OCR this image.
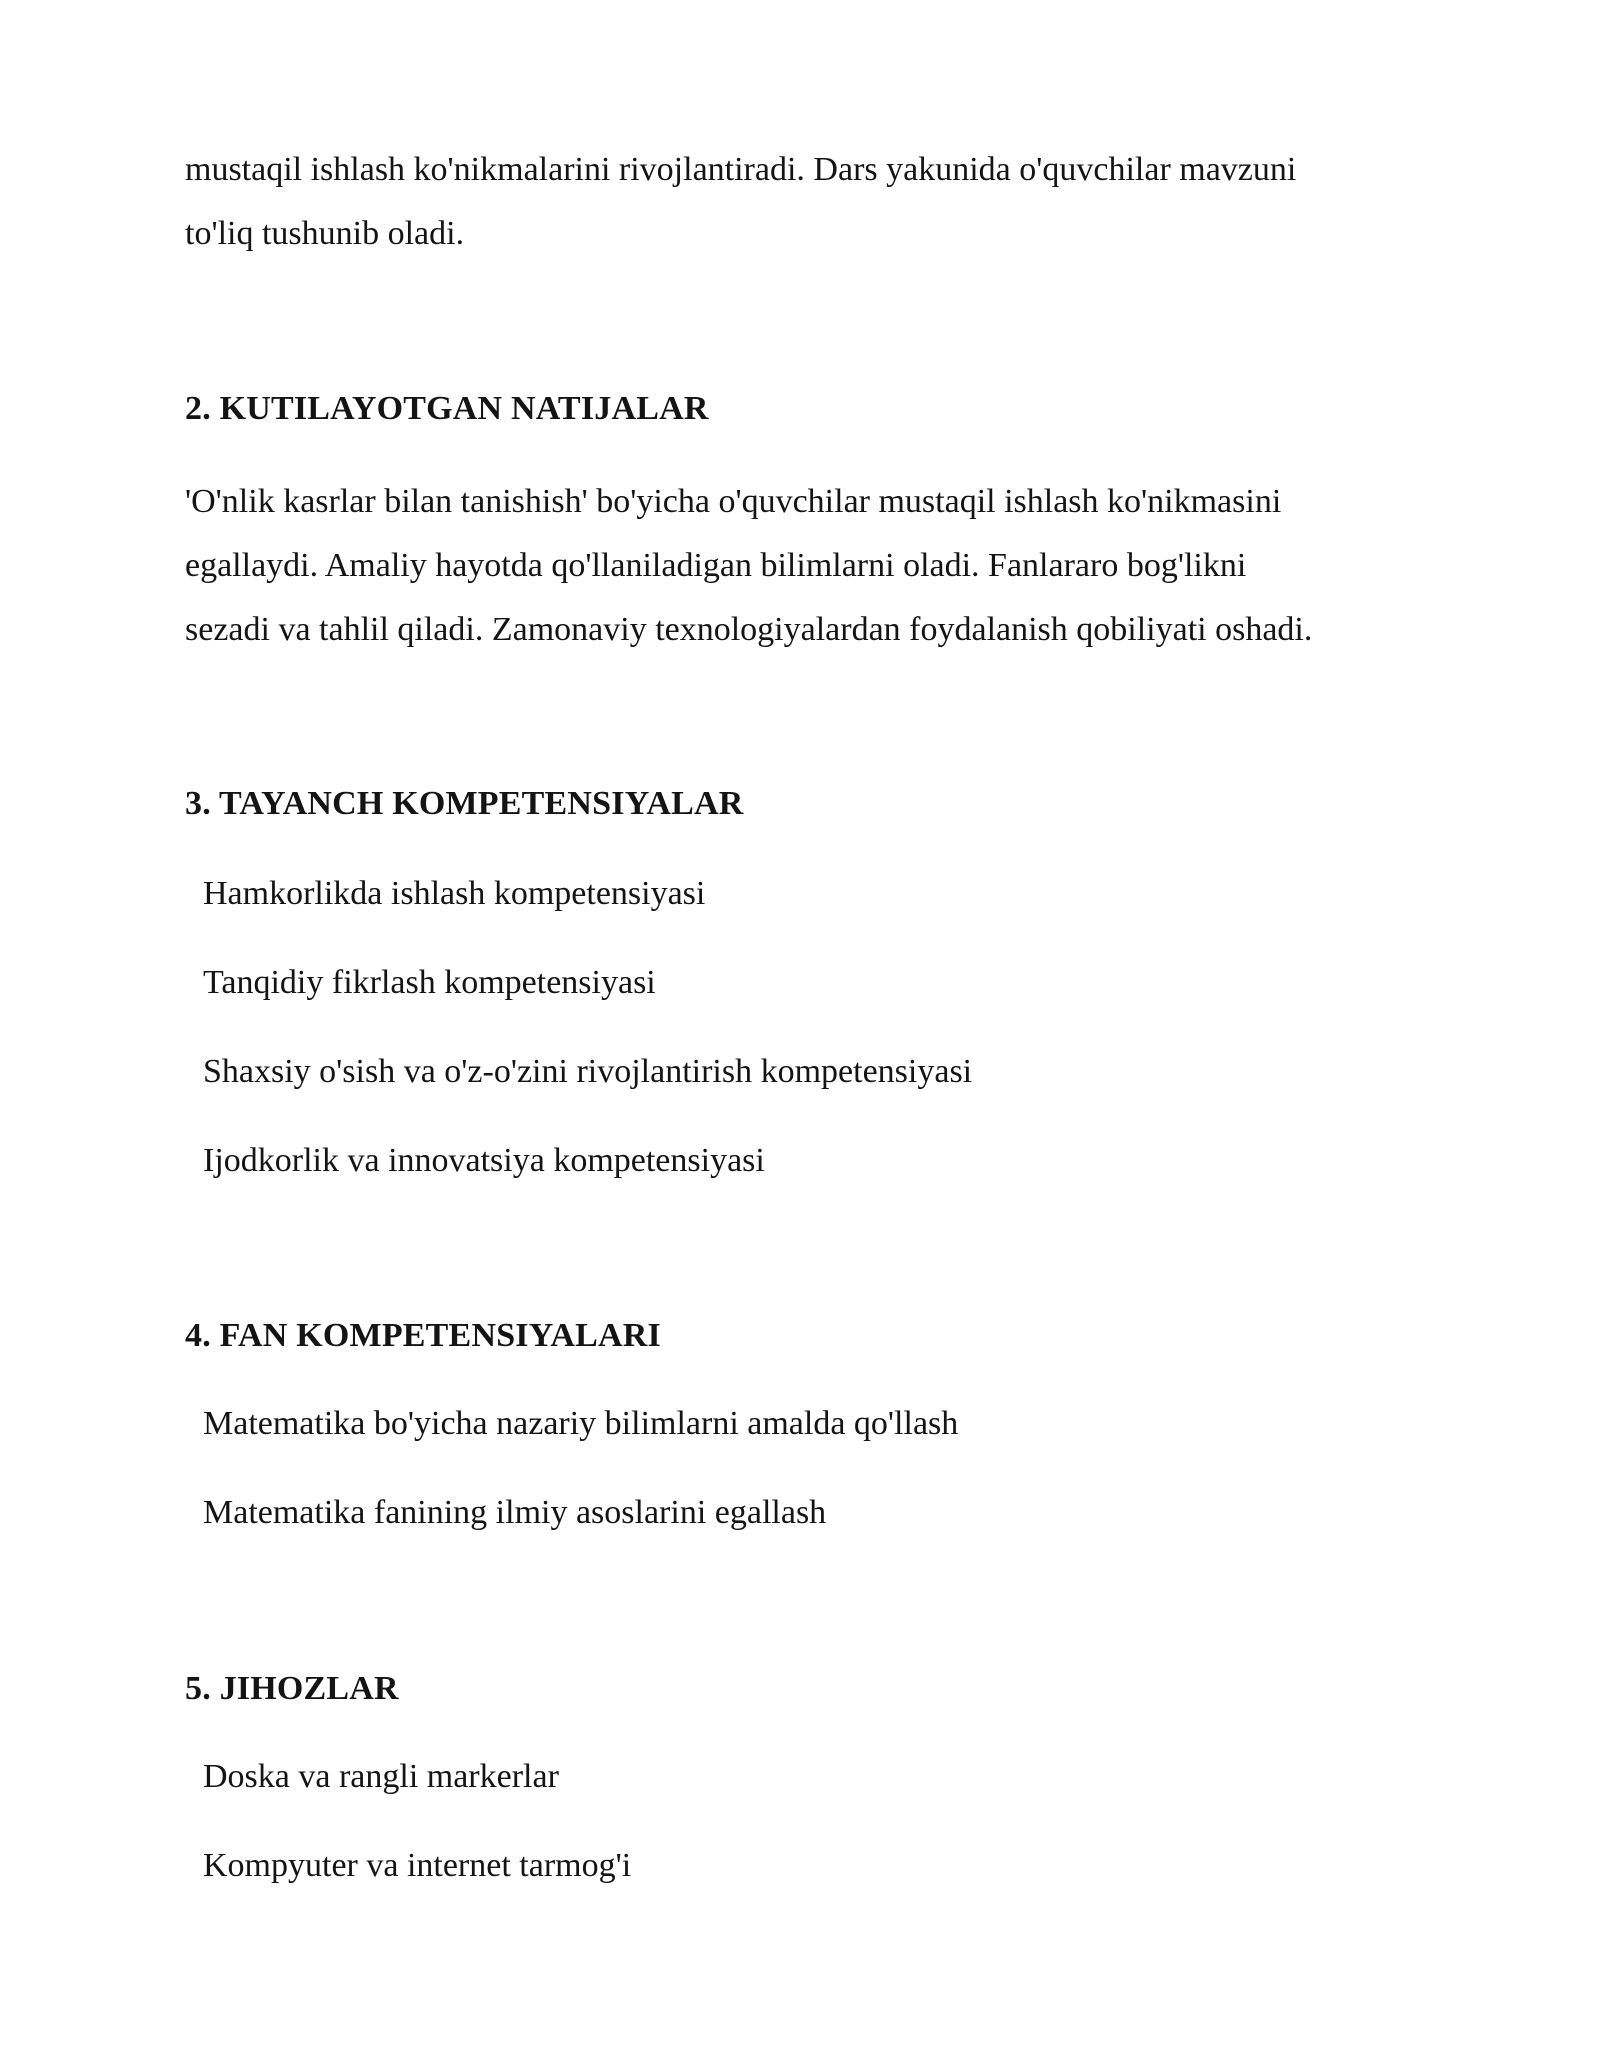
mustaqil ishlash ko'nikmalarini rivojlantiradi. Dars yakunida o'quvchilar mavzuni

to'liq tushunib oladi.

2. KUTILAYOTGAN NATIJALAR

'O'nlik kasrlar bilan tanishish' bo'yicha o'quvchilar mustaqil ishlash ko'nikmasini

egallaydi. Amaliy hayotda qo'llaniladigan bilimlarni oladi. Fanlararo bog'likni

sezadi va tahlil qiladi. Zamonaviy texnologiyalardan foydalanish qobiliyati oshadi.

3. TAYANCH KOMPETENSIYALAR

Hamkorlikda ishlash kompetensiyasi

Tanqidiy fikrlash kompetensiyasi

Shaxsiy o'sish va o'z-o'zini rivojlantirish kompetensiyasi

Ijodkorlik va innovatsiya kompetensiyasi

4. FAN KOMPETENSIYALARI

Matematika bo'yicha nazariy bilimlarni amalda qo'llash

Matematika fanining ilmiy asoslarini egallash

5. JIHOZLAR

Doska va rangli markerlar

Kompyuter va internet tarmog'i
